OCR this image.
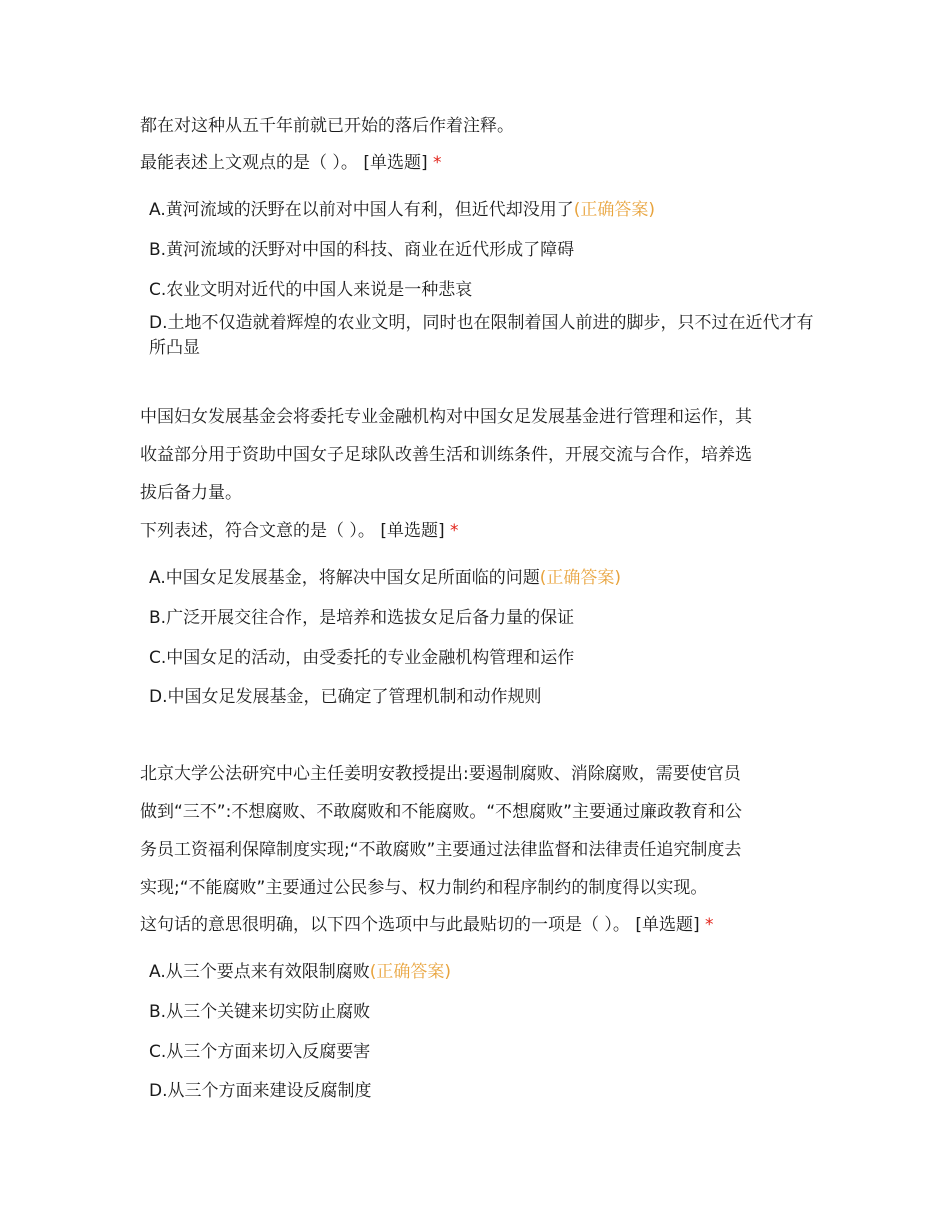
都在对这种从五千年前就已开始的落后作着注释。
最能表述上文观点的是（ ）。 [单选题] *
A.黄河流域的沃野在以前对中国人有利，但近代却没用了(正确答案)
B.黄河流域的沃野对中国的科技、商业在近代形成了障碍
C.农业文明对近代的中国人来说是一种悲哀
D.土地不仅造就着辉煌的农业文明，同时也在限制着国人前进的脚步，只不过在近代才有所凸显
中国妇女发展基金会将委托专业金融机构对中国女足发展基金进行管理和运作，其
收益部分用于资助中国女子足球队改善生活和训练条件，开展交流与合作，培养选
拔后备力量。
下列表述，符合文意的是（ ）。 [单选题] *
A.中国女足发展基金，将解决中国女足所面临的问题(正确答案)
B.广泛开展交往合作，是培养和选拔女足后备力量的保证
C.中国女足的活动，由受委托的专业金融机构管理和运作
D.中国女足发展基金，已确定了管理机制和动作规则
北京大学公法研究中心主任姜明安教授提出:要遏制腐败、消除腐败，需要使官员
做到“三不”:不想腐败、不敢腐败和不能腐败。“不想腐败”主要通过廉政教育和公
务员工资福利保障制度实现;“不敢腐败”主要通过法律监督和法律责任追究制度去
实现;“不能腐败”主要通过公民参与、权力制约和程序制约的制度得以实现。
这句话的意思很明确，以下四个选项中与此最贴切的一项是（ ）。 [单选题] *
A.从三个要点来有效限制腐败(正确答案)
B.从三个关键来切实防止腐败
C.从三个方面来切入反腐要害
D.从三个方面来建设反腐制度
